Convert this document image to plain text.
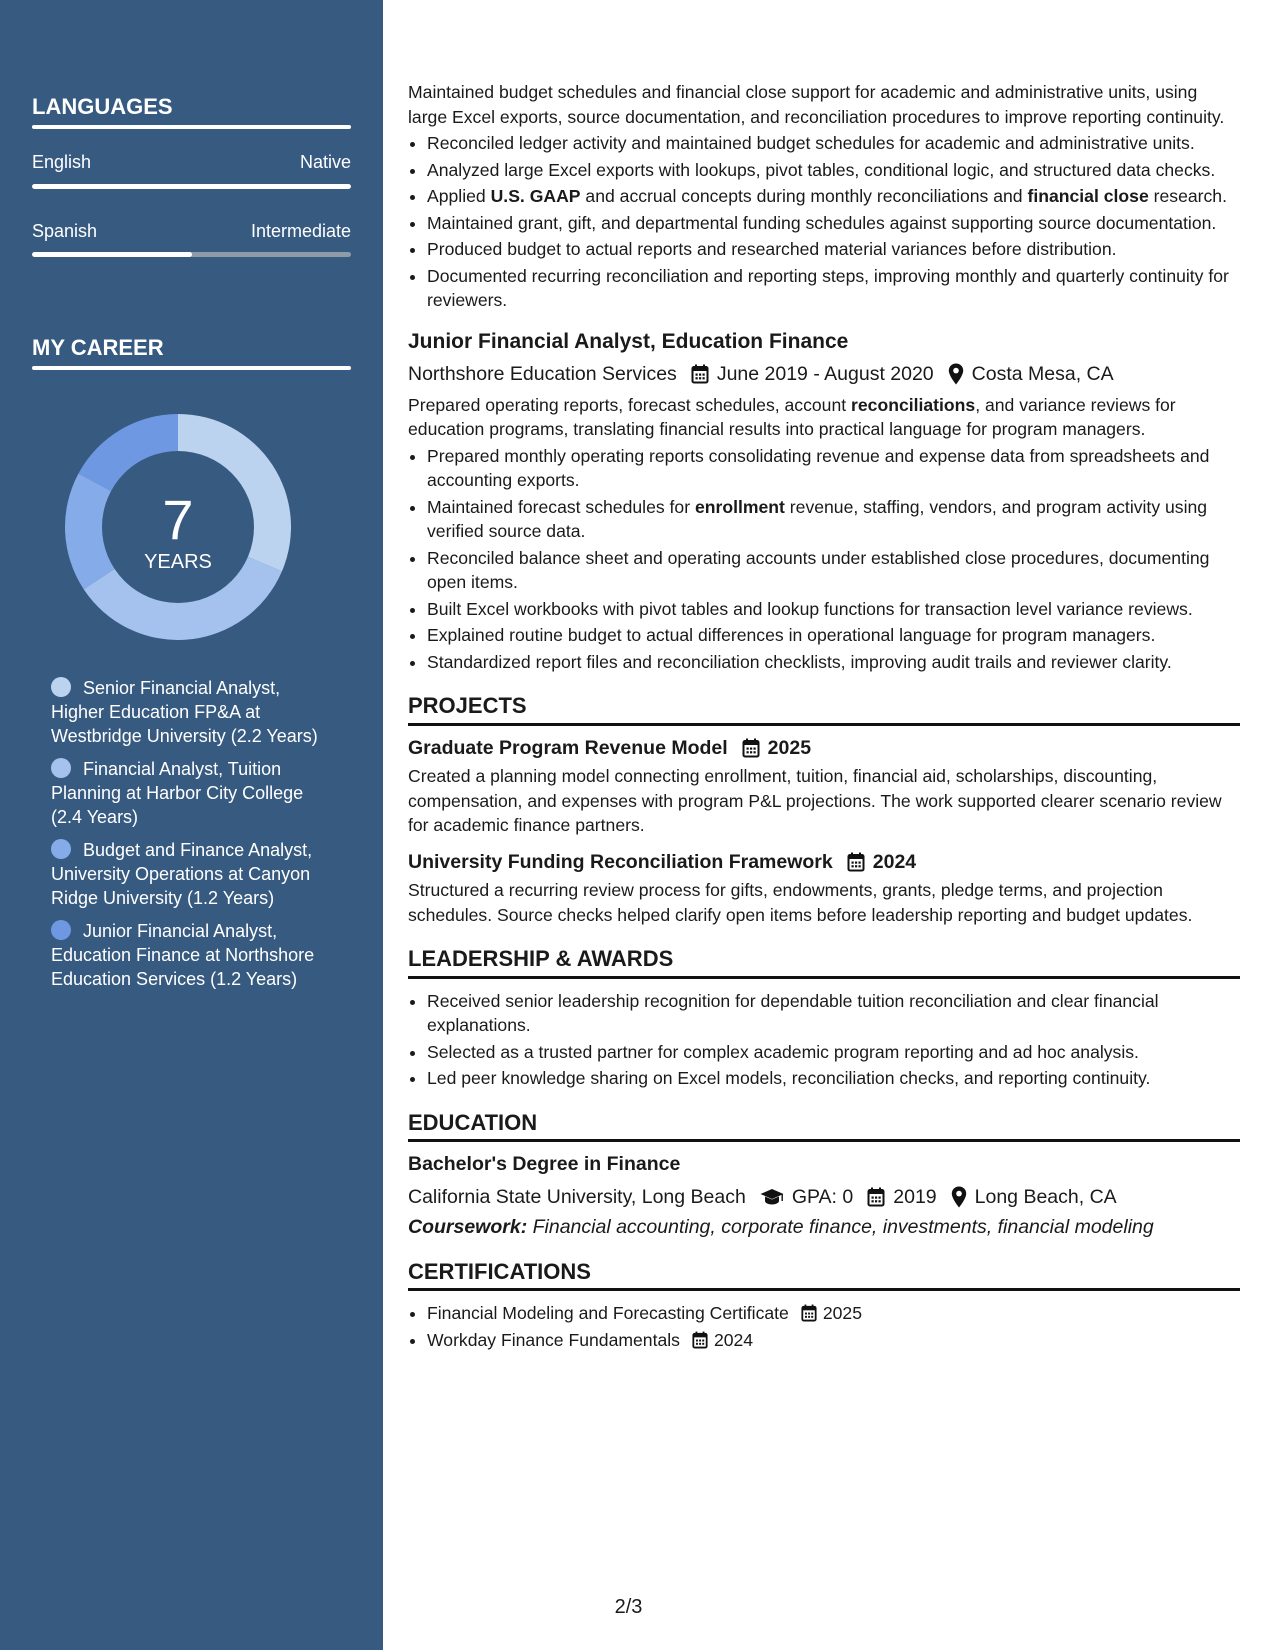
LANGUAGES
English	Native
Spanish	Intermediate
MY CAREER
7
YEARS
Senior Financial Analyst, Higher Education FP&A at Westbridge University (2.2 Years)
Financial Analyst, Tuition Planning at Harbor City College (2.4 Years)
Budget and Finance Analyst, University Operations at Canyon Ridge University (1.2 Years)
Junior Financial Analyst, Education Finance at Northshore Education Services (1.2 Years)

Maintained budget schedules and financial close support for academic and administrative units, using large Excel exports, source documentation, and reconciliation procedures to improve reporting continuity.

• Reconciled ledger activity and maintained budget schedules for academic and administrative units.
• Analyzed large Excel exports with lookups, pivot tables, conditional logic, and structured data checks.
• Applied U.S. GAAP and accrual concepts during monthly reconciliations and financial close research.
• Maintained grant, gift, and departmental funding schedules against supporting source documentation.
• Produced budget to actual reports and researched material variances before distribution.
• Documented recurring reconciliation and reporting steps, improving monthly and quarterly continuity for reviewers.
Junior Financial Analyst, Education Finance
Northshore Education Services June 2019 - August 2020 Costa Mesa, CA

Prepared operating reports, forecast schedules, account reconciliations, and variance reviews for education programs, translating financial results into practical language for program managers.

• Prepared monthly operating reports consolidating revenue and expense data from spreadsheets and accounting exports.
• Maintained forecast schedules for enrollment revenue, staffing, vendors, and program activity using verified source data.
• Reconciled balance sheet and operating accounts under established close procedures, documenting open items.
• Built Excel workbooks with pivot tables and lookup functions for transaction level variance reviews.
• Explained routine budget to actual differences in operational language for program managers.
• Standardized report files and reconciliation checklists, improving audit trails and reviewer clarity.
PROJECTS
Graduate Program Revenue Model 2025

Created a planning model connecting enrollment, tuition, financial aid, scholarships, discounting, compensation, and expenses with program P&L projections. The work supported clearer scenario review for academic finance partners.

University Funding Reconciliation Framework 2024

Structured a recurring review process for gifts, endowments, grants, pledge terms, and projection schedules. Source checks helped clarify open items before leadership reporting and budget updates.

LEADERSHIP & AWARDS
• Received senior leadership recognition for dependable tuition reconciliation and clear financial explanations.
• Selected as a trusted partner for complex academic program reporting and ad hoc analysis.
• Led peer knowledge sharing on Excel models, reconciliation checks, and reporting continuity.
EDUCATION
Bachelor's Degree in Finance
California State University, Long Beach GPA: 0 2019 Long Beach, CA
Coursework: Financial accounting, corporate finance, investments, financial modeling
CERTIFICATIONS
• Financial Modeling and Forecasting Certificate 2025
• Workday Finance Fundamentals 2024
2/3
